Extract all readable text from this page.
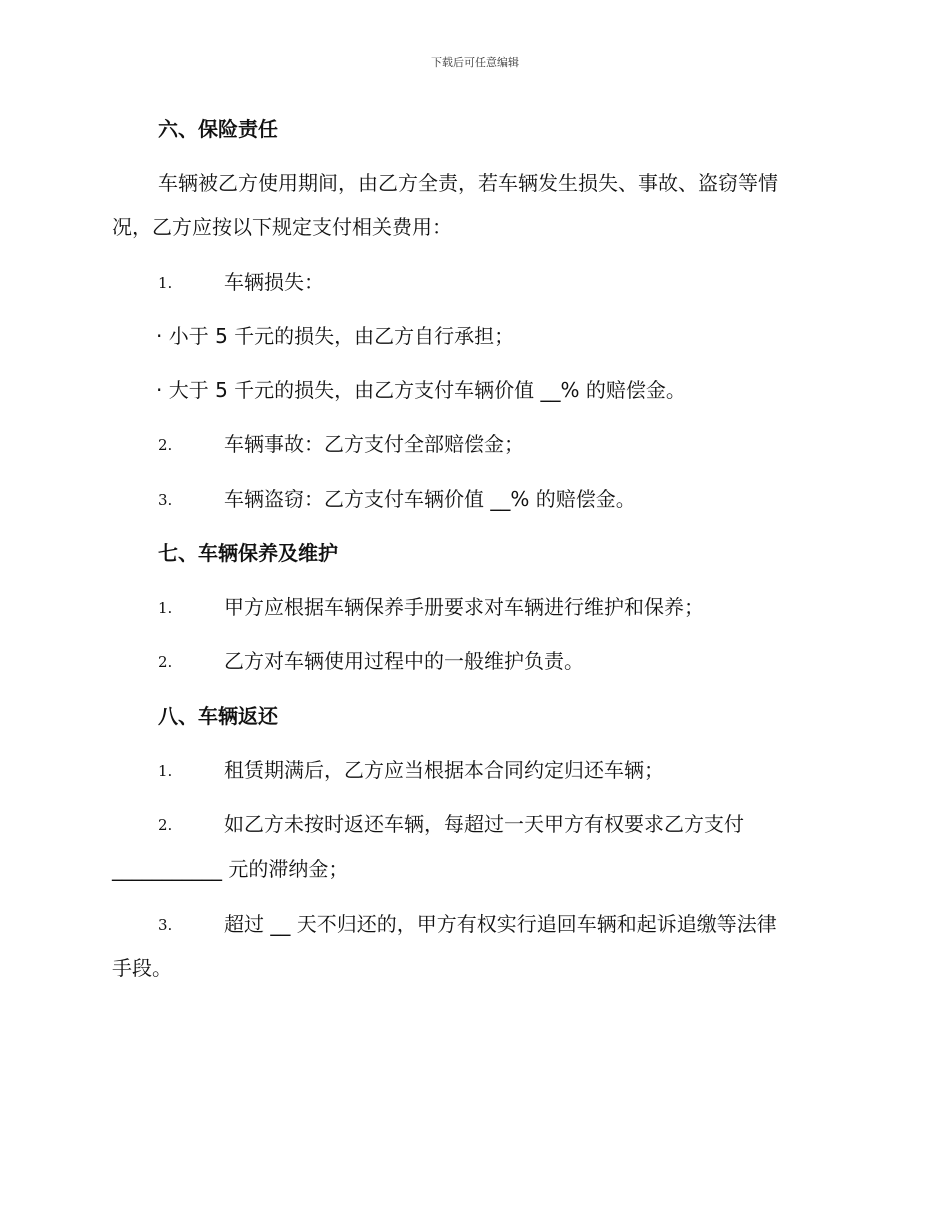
下载后可任意编辑
六、保险责任
车辆被乙方使用期间，由乙方全责，若车辆发生损失、事故、盗窃等情
况，乙方应按以下规定支付相关费用：
1.	车辆损失：
· 小于 5 千元的损失，由乙方自行承担；
· 大于 5 千元的损失，由乙方支付车辆价值 __% 的赔偿金。
2.	车辆事故：乙方支付全部赔偿金；
3.	车辆盗窃：乙方支付车辆价值 __% 的赔偿金。
七、车辆保养及维护
1.	甲方应根据车辆保养手册要求对车辆进行维护和保养；
2.	乙方对车辆使用过程中的一般维护负责。
八、车辆返还
1.	租赁期满后，乙方应当根据本合同约定归还车辆；
2.	如乙方未按时返还车辆，每超过一天甲方有权要求乙方支付
___________ 元的滞纳金；
3.	超过 __ 天不归还的，甲方有权实行追回车辆和起诉追缴等法律
手段。
